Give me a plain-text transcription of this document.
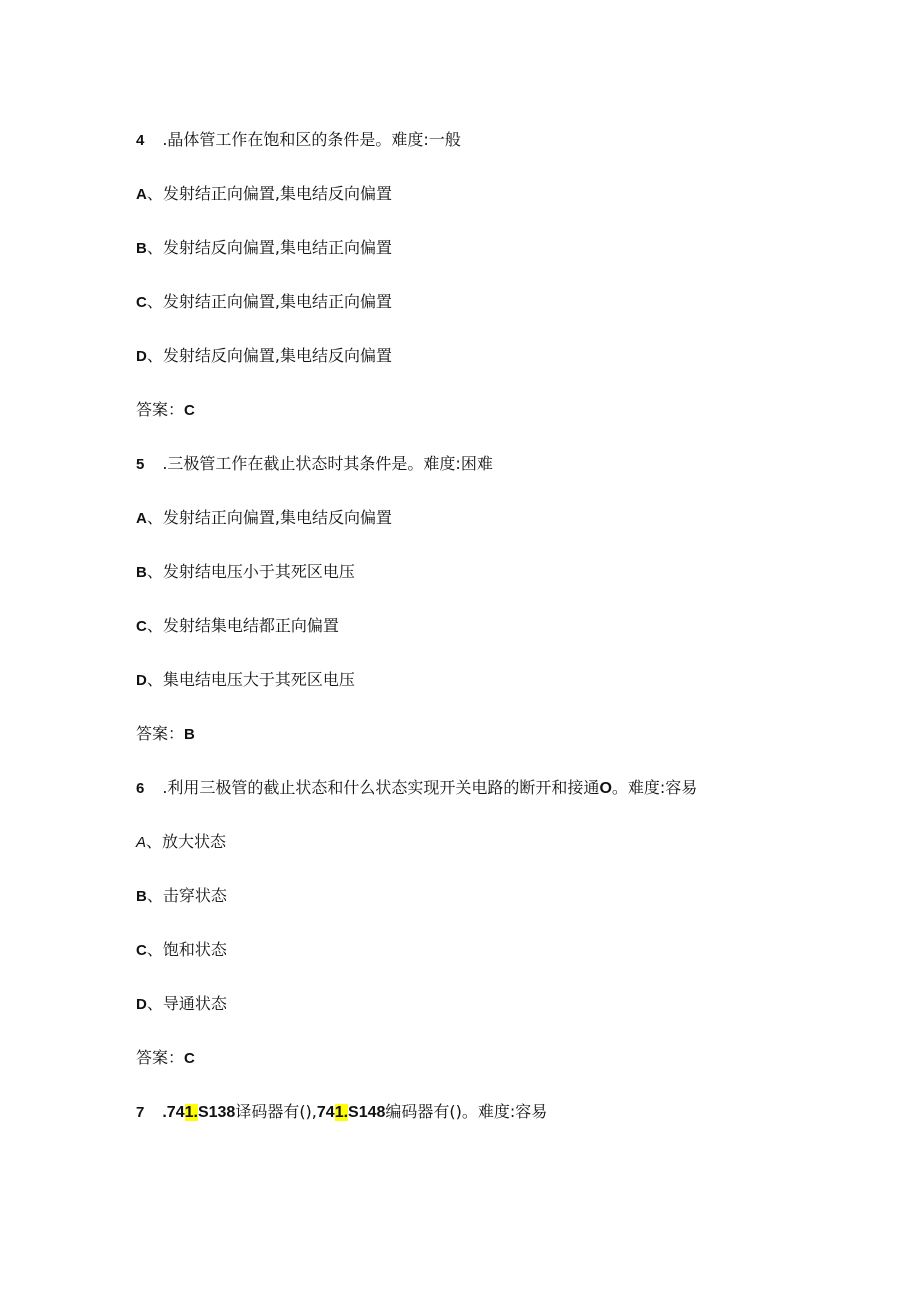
4 .晶体管工作在饱和区的条件是。难度:一般
A、发射结正向偏置,集电结反向偏置
B、发射结反向偏置,集电结正向偏置
C、发射结正向偏置,集电结正向偏置
D、发射结反向偏置,集电结反向偏置
答案：C
5 .三极管工作在截止状态时其条件是。难度:困难
A、发射结正向偏置,集电结反向偏置
B、发射结电压小于其死区电压
C、发射结集电结都正向偏置
D、集电结电压大于其死区电压
答案：B
6 .利用三极管的截止状态和什么状态实现开关电路的断开和接通O。难度:容易
A、放大状态
B、击穿状态
C、饱和状态
D、导通状态
答案：C
7 .741.S138译码器有(),741.S148编码器有()。难度:容易
